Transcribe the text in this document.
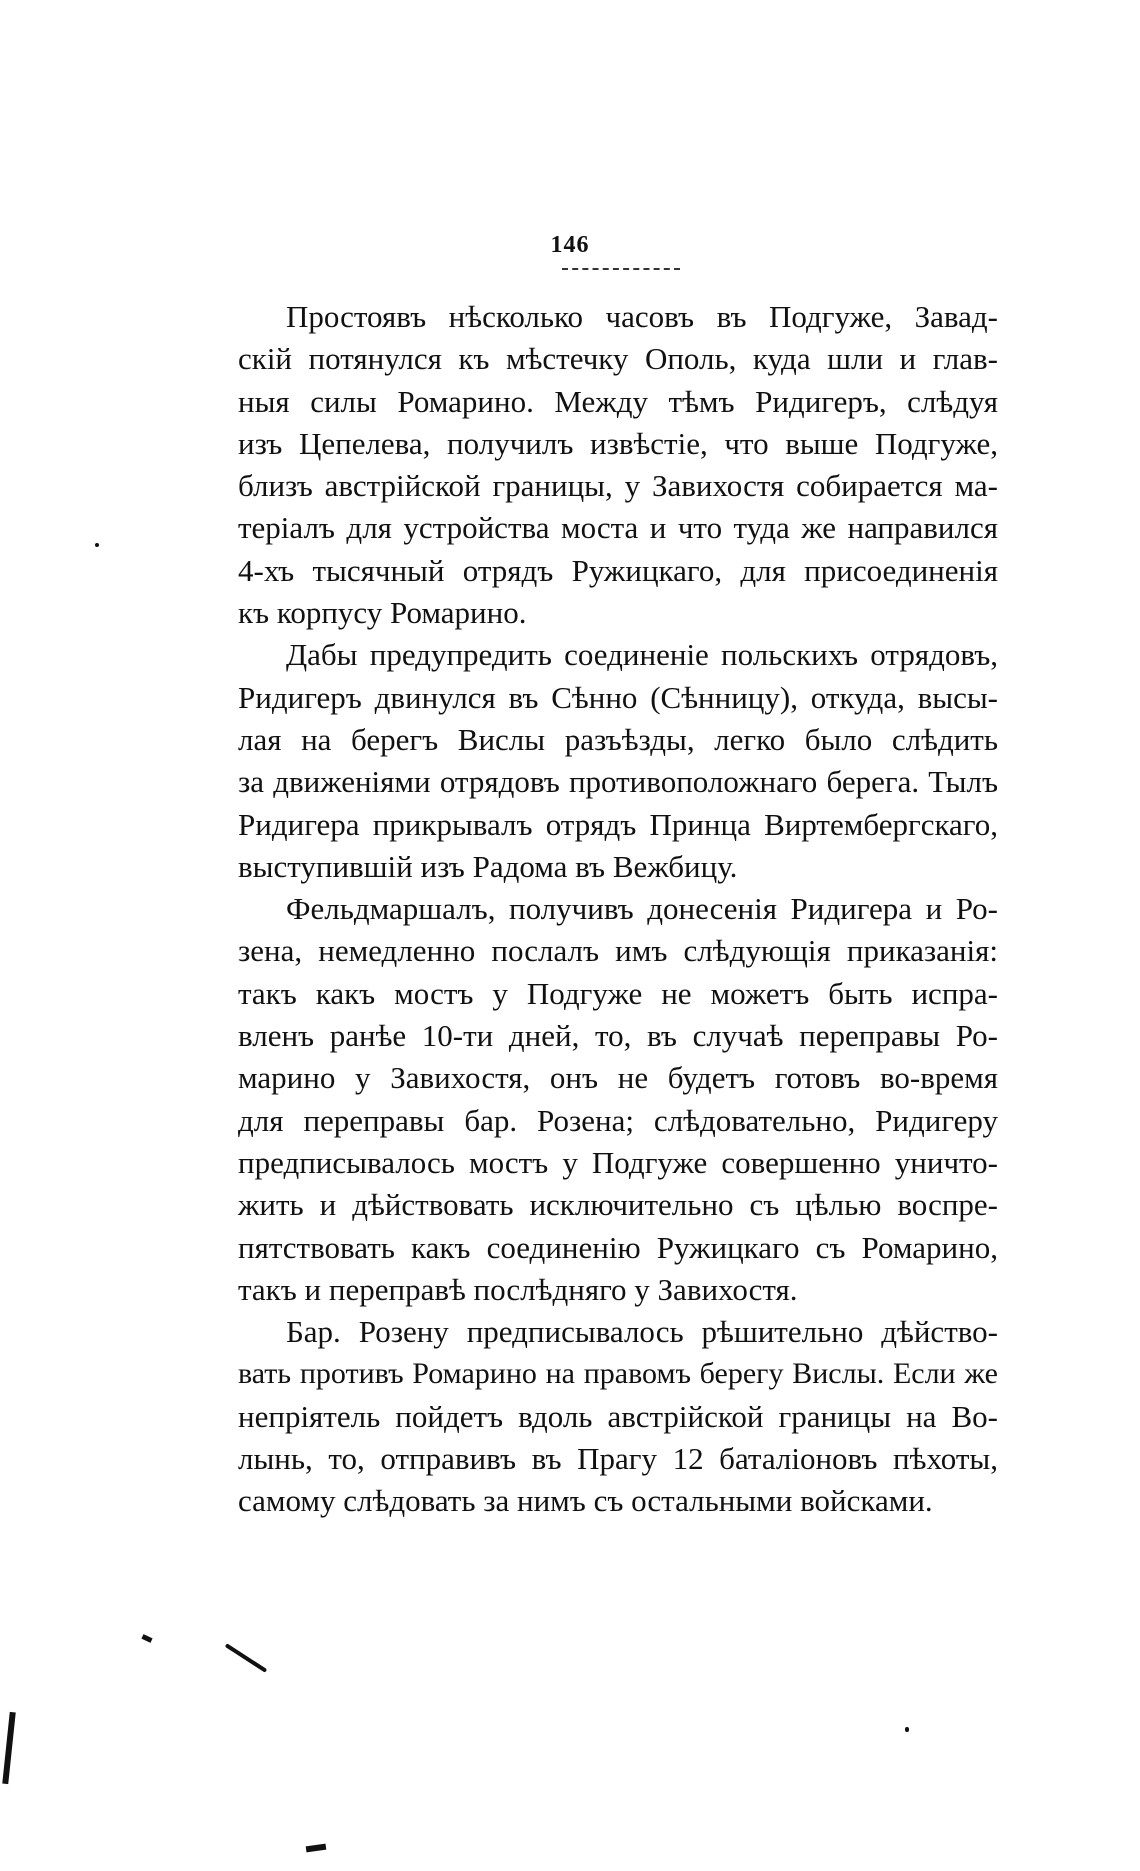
146
Простоявъ нѣсколько часовъ въ Подгуже, Завад-
скій потянулся къ мѣстечку Ополь, куда шли и глав-
ныя силы Ромарино. Между тѣмъ Ридигеръ, слѣдуя
изъ Цепелева, получилъ извѣстіе, что выше Подгуже,
близъ австрійской границы, у Завихостя собирается ма-
теріалъ для устройства моста и что туда же направился
4-хъ тысячный отрядъ Ружицкаго, для присоединенія
къ корпусу Ромарино.
Дабы предупредить соединеніе польскихъ отрядовъ,
Ридигеръ двинулся въ Сѣнно (Сѣнницу), откуда, высы-
лая на берегъ Вислы разъѣзды, легко было слѣдить
за движеніями отрядовъ противоположнаго берега. Тылъ
Ридигера прикрывалъ отрядъ Принца Виртембергскаго,
выступившій изъ Радома въ Вежбицу.
Фельдмаршалъ, получивъ донесенія Ридигера и Ро-
зена, немедленно послалъ имъ слѣдующія приказанія:
такъ какъ мостъ у Подгуже не можетъ быть испра-
вленъ ранѣе 10-ти дней, то, въ случаѣ переправы Ро-
марино у Завихостя, онъ не будетъ готовъ во-время
для переправы бар. Розена; слѣдовательно, Ридигеру
предписывалось мостъ у Подгуже совершенно уничто-
жить и дѣйствовать исключительно съ цѣлью воспре-
пятствовать какъ соединенію Ружицкаго съ Ромарино,
такъ и переправѣ послѣдняго у Завихостя.
Бар. Розену предписывалось рѣшительно дѣйство-
вать противъ Ромарино на правомъ берегу Вислы. Если же
непріятель пойдетъ вдоль австрійской границы на Во-
лынь, то, отправивъ въ Прагу 12 баталіоновъ пѣхоты,
самому слѣдовать за нимъ съ остальными войсками.
